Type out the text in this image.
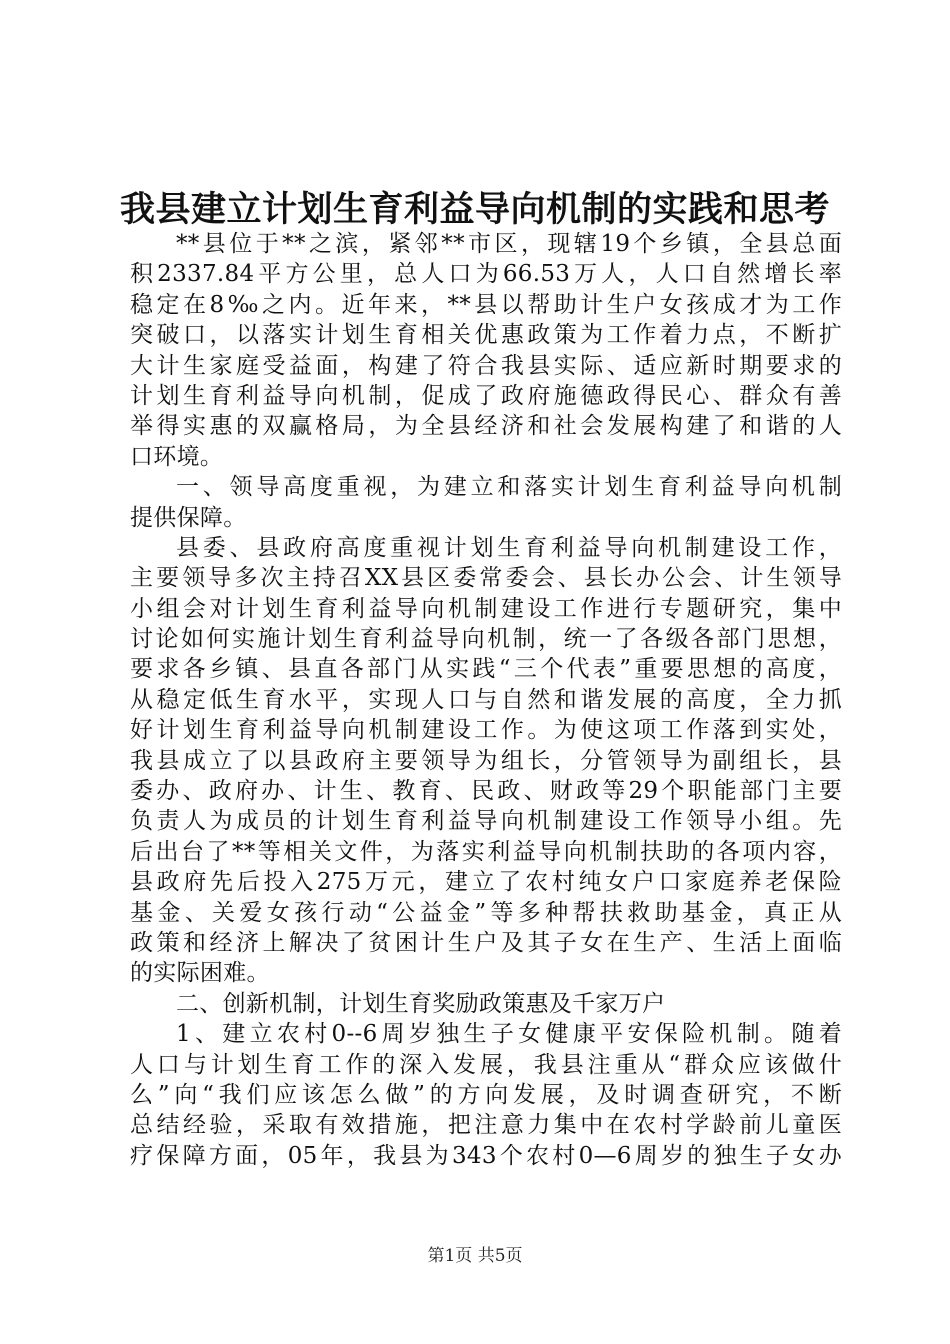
我县建立计划生育利益导向机制的实践和思考
**县位于**之滨，紧邻**市区，现辖19个乡镇，全县总面
积2337.84平方公里，总人口为66.53万人，人口自然增长率
稳定在8‰之内。近年来，**县以帮助计生户女孩成才为工作
突破口，以落实计划生育相关优惠政策为工作着力点，不断扩
大计生家庭受益面，构建了符合我县实际、适应新时期要求的
计划生育利益导向机制，促成了政府施德政得民心、群众有善
举得实惠的双赢格局，为全县经济和社会发展构建了和谐的人
口环境。
一、领导高度重视，为建立和落实计划生育利益导向机制
提供保障。
县委、县政府高度重视计划生育利益导向机制建设工作，
主要领导多次主持召XX县区委常委会、县长办公会、计生领导
小组会对计划生育利益导向机制建设工作进行专题研究，集中
讨论如何实施计划生育利益导向机制，统一了各级各部门思想，
要求各乡镇、县直各部门从实践“三个代表”重要思想的高度，
从稳定低生育水平，实现人口与自然和谐发展的高度，全力抓
好计划生育利益导向机制建设工作。为使这项工作落到实处，
我县成立了以县政府主要领导为组长，分管领导为副组长，县
委办、政府办、计生、教育、民政、财政等29个职能部门主要
负责人为成员的计划生育利益导向机制建设工作领导小组。先
后出台了**等相关文件，为落实利益导向机制扶助的各项内容，
县政府先后投入275万元，建立了农村纯女户口家庭养老保险
基金、关爱女孩行动“公益金”等多种帮扶救助基金，真正从
政策和经济上解决了贫困计生户及其子女在生产、生活上面临
的实际困难。
二、创新机制，计划生育奖励政策惠及千家万户
1、建立农村0--6周岁独生子女健康平安保险机制。随着
人口与计划生育工作的深入发展，我县注重从“群众应该做什
么”向“我们应该怎么做”的方向发展，及时调查研究，不断
总结经验，采取有效措施，把注意力集中在农村学龄前儿童医
疗保障方面，05年，我县为343个农村0—6周岁的独生子女办
第1页 共5页
